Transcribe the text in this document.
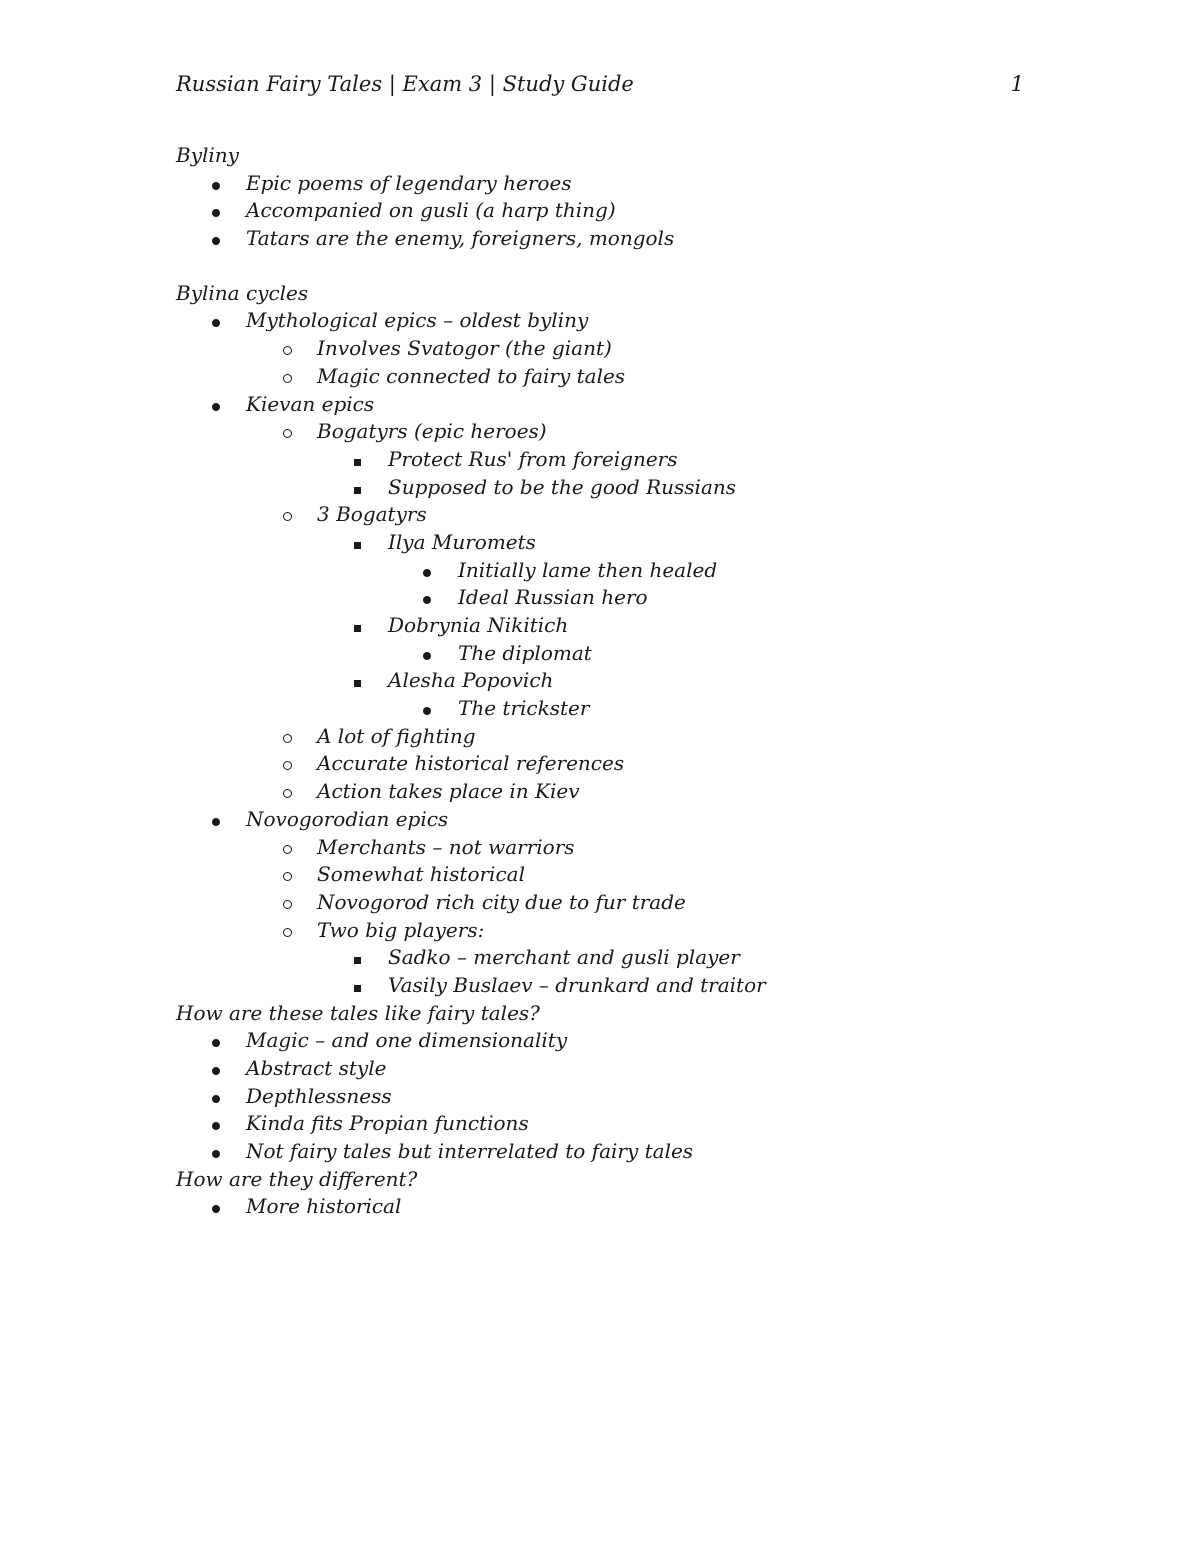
Russian Fairy Tales | Exam 3 | Study Guide	1
Byliny
Epic poems of legendary heroes
Accompanied on gusli (a harp thing)
Tatars are the enemy, foreigners, mongols
Bylina cycles
Mythological epics – oldest byliny
Involves Svatogor (the giant)
Magic connected to fairy tales
Kievan epics
Bogatyrs (epic heroes)
Protect Rus' from foreigners
Supposed to be the good Russians
3 Bogatyrs
Ilya Muromets
Initially lame then healed
Ideal Russian hero
Dobrynia Nikitich
The diplomat
Alesha Popovich
The trickster
A lot of fighting
Accurate historical references
Action takes place in Kiev
Novogorodian epics
Merchants – not warriors
Somewhat historical
Novogorod rich city due to fur trade
Two big players:
Sadko – merchant and gusli player
Vasily Buslaev – drunkard and traitor
How are these tales like fairy tales?
Magic – and one dimensionality
Abstract style
Depthlessness
Kinda fits Propian functions
Not fairy tales but interrelated to fairy tales
How are they different?
More historical
